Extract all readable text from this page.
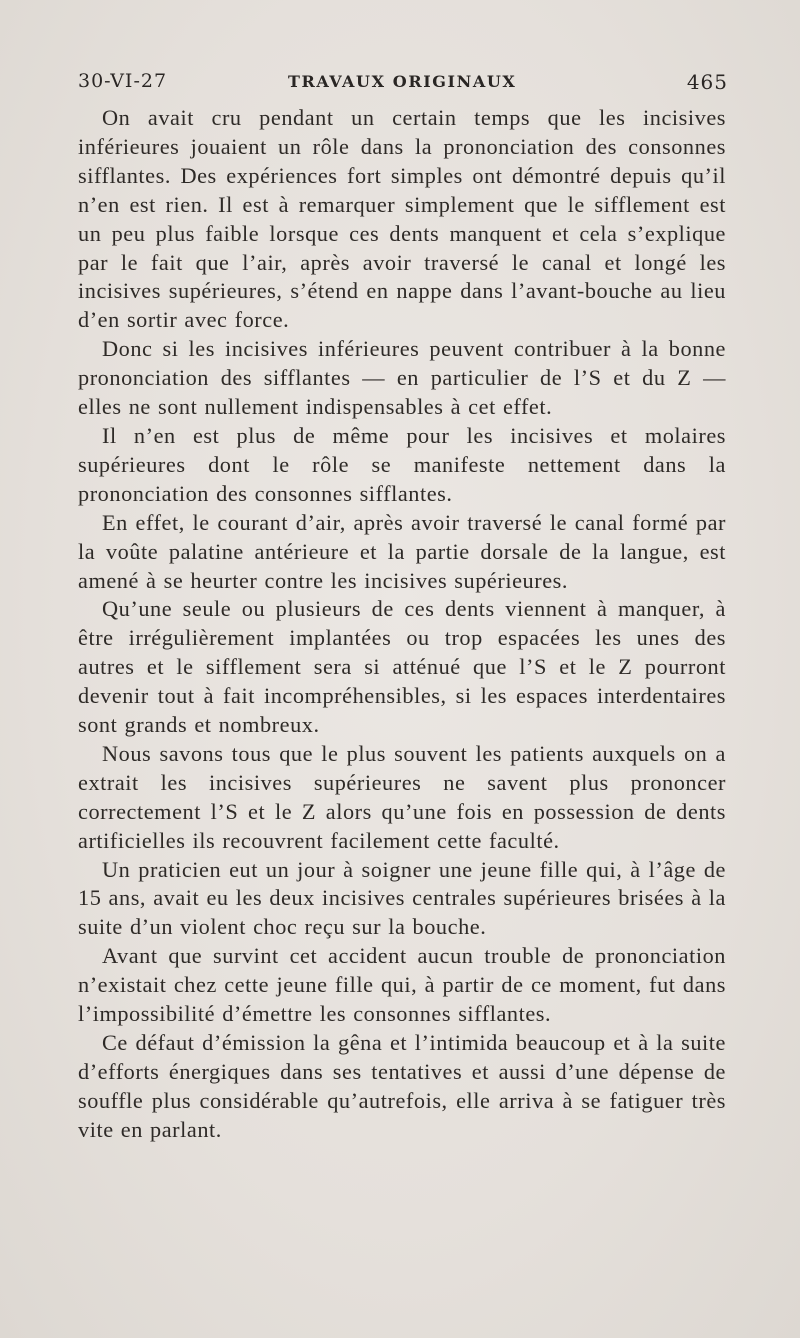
30-VI-27	TRAVAUX ORIGINAUX	465

On avait cru pendant un certain temps que les incisives inférieures jouaient un rôle dans la prononciation des consonnes sifflantes. Des expériences fort simples ont démontré depuis qu’il n’en est rien. Il est à remarquer simplement que le sifflement est un peu plus faible lorsque ces dents manquent et cela s’explique par le fait que l’air, après avoir traversé le canal et longé les incisives supérieures, s’étend en nappe dans l’avant-bouche au lieu d’en sortir avec force.

Donc si les incisives inférieures peuvent contribuer à la bonne prononciation des sifflantes — en particulier de l’S et du Z — elles ne sont nullement indispensables à cet effet.

Il n’en est plus de même pour les incisives et molaires supérieures dont le rôle se manifeste nettement dans la prononciation des consonnes sifflantes.

En effet, le courant d’air, après avoir traversé le canal formé par la voûte palatine antérieure et la partie dorsale de la langue, est amené à se heurter contre les incisives supérieures.

Qu’une seule ou plusieurs de ces dents viennent à manquer, à être irrégulièrement implantées ou trop espacées les unes des autres et le sifflement sera si atténué que l’S et le Z pourront devenir tout à fait incompréhensibles, si les espaces interdentaires sont grands et nombreux.

Nous savons tous que le plus souvent les patients auxquels on a extrait les incisives supérieures ne savent plus prononcer correctement l’S et le Z alors qu’une fois en possession de dents artificielles ils recouvrent facilement cette faculté.

Un praticien eut un jour à soigner une jeune fille qui, à l’âge de 15 ans, avait eu les deux incisives centrales supérieures brisées à la suite d’un violent choc reçu sur la bouche.

Avant que survint cet accident aucun trouble de prononciation n’existait chez cette jeune fille qui, à partir de ce moment, fut dans l’impossibilité d’émettre les consonnes sifflantes.

Ce défaut d’émission la gêna et l’intimida beaucoup et à la suite d’efforts énergiques dans ses tentatives et aussi d’une dépense de souffle plus considérable qu’autrefois, elle arriva à se fatiguer très vite en parlant.
